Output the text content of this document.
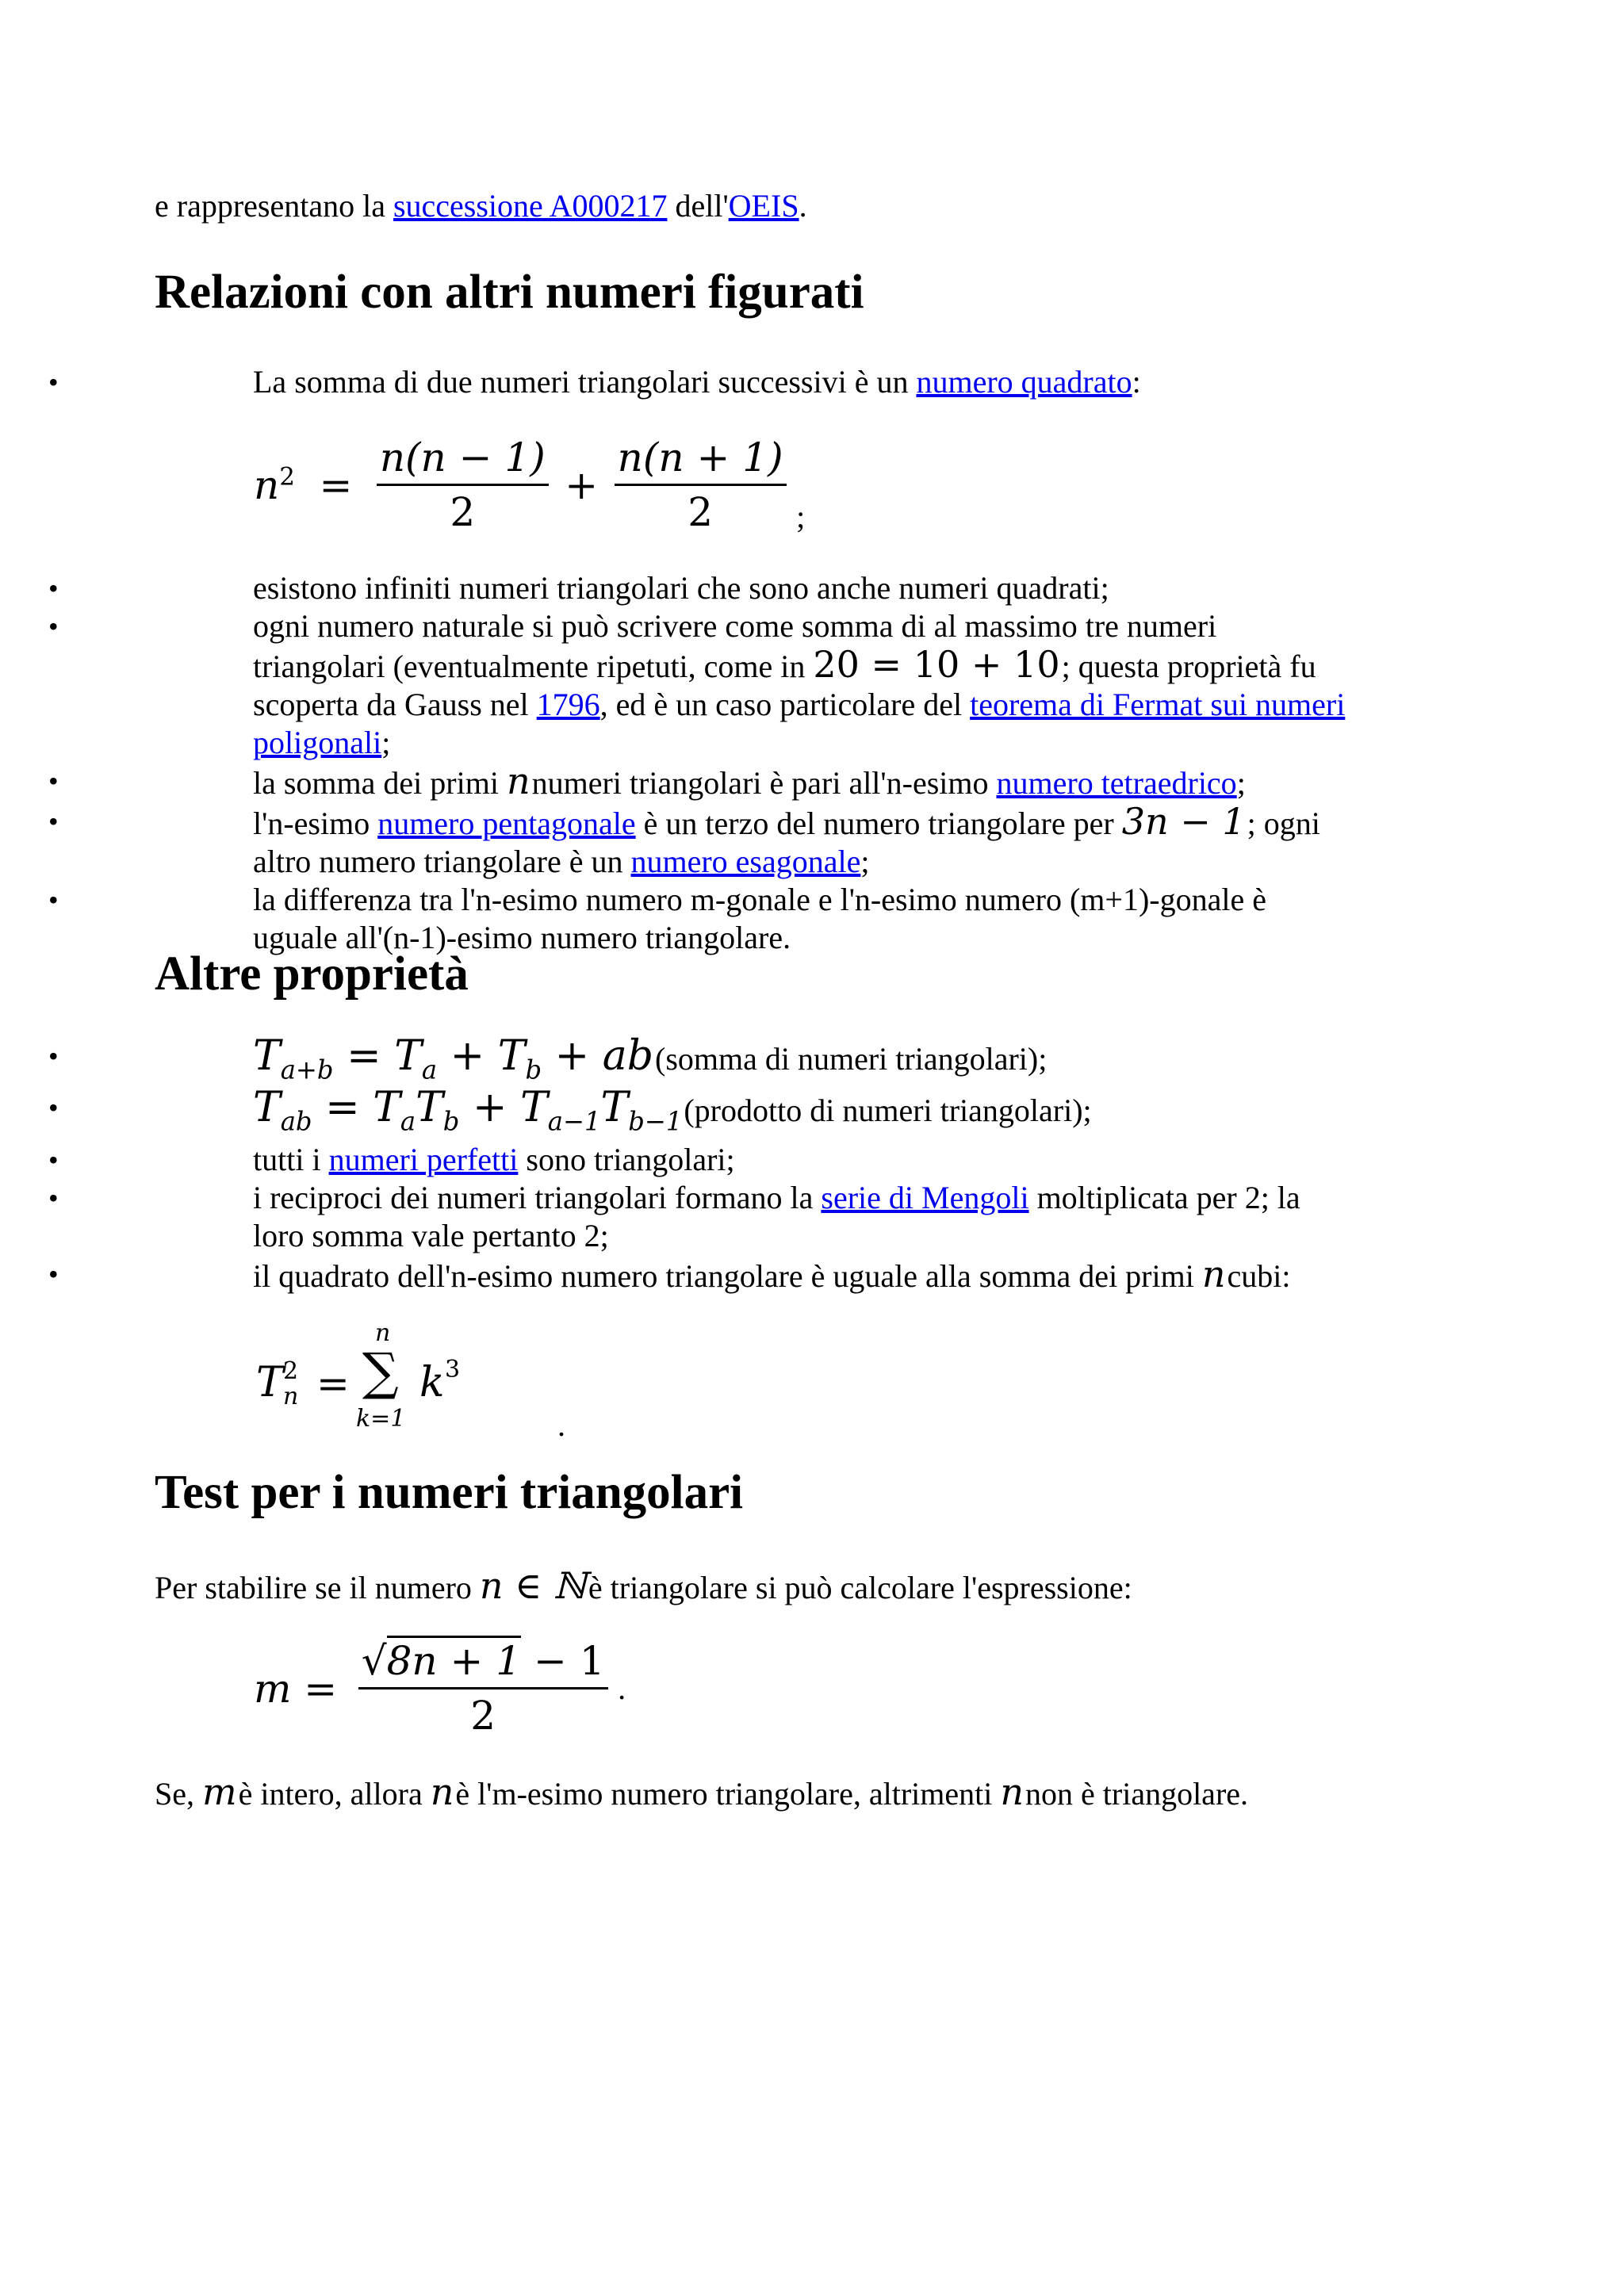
e rappresentano la successione A000217 dell'OEIS.

Relazioni con altri numeri figurati
• La somma di due numeri triangolari successivi è un numero quadrato:
$n^2 = \frac{n(n - 1)}{2} + \frac{n(n + 1)}{2}$ ;
• esistono infiniti numeri triangolari che sono anche numeri quadrati;
• ogni numero naturale si può scrivere come somma di al massimo tre numeri triangolari (eventualmente ripetuti, come in 20 = 10 + 10; questa proprietà fu scoperta da Gauss nel 1796, ed è un caso particolare del teorema di Fermat sui numeri poligonali;
• la somma dei primi nnumeri triangolari è pari all'n-esimo numero tetraedrico;
• l'n-esimo numero pentagonale è un terzo del numero triangolare per 3n − 1; ogni altro numero triangolare è un numero esagonale;
• la differenza tra l'n-esimo numero m-gonale e l'n-esimo numero (m+1)-gonale è uguale all'(n-1)-esimo numero triangolare.
Altre proprietà
• $T_{a+b} = T_a + T_b$ + ab(somma di numeri triangolari);
• $T_{ab} = T_aT_b$ + $T_{a-1}T_{b-1}(prodotto$ di numeri triangolari);
• tutti i numeri perfetti sono triangolari;
• i reciproci dei numeri triangolari formano la serie di Mengoli moltiplicata per 2; la loro somma vale pertanto 2;
• il quadrato dell'n-esimo numero triangolare è uguale alla somma dei primi ncubi:
T 2
n =
n
∑
k=1
k 3
.
Test per i numeri triangolari

Per stabilire se il numero n ∈ ℕè triangolare si può calcolare l'espressione:

$m = \frac{√8n + 1 - 1}{2}$ .

Se, mè intero, allora nè l'm-esimo numero triangolare, altrimenti nnon è triangolare.
